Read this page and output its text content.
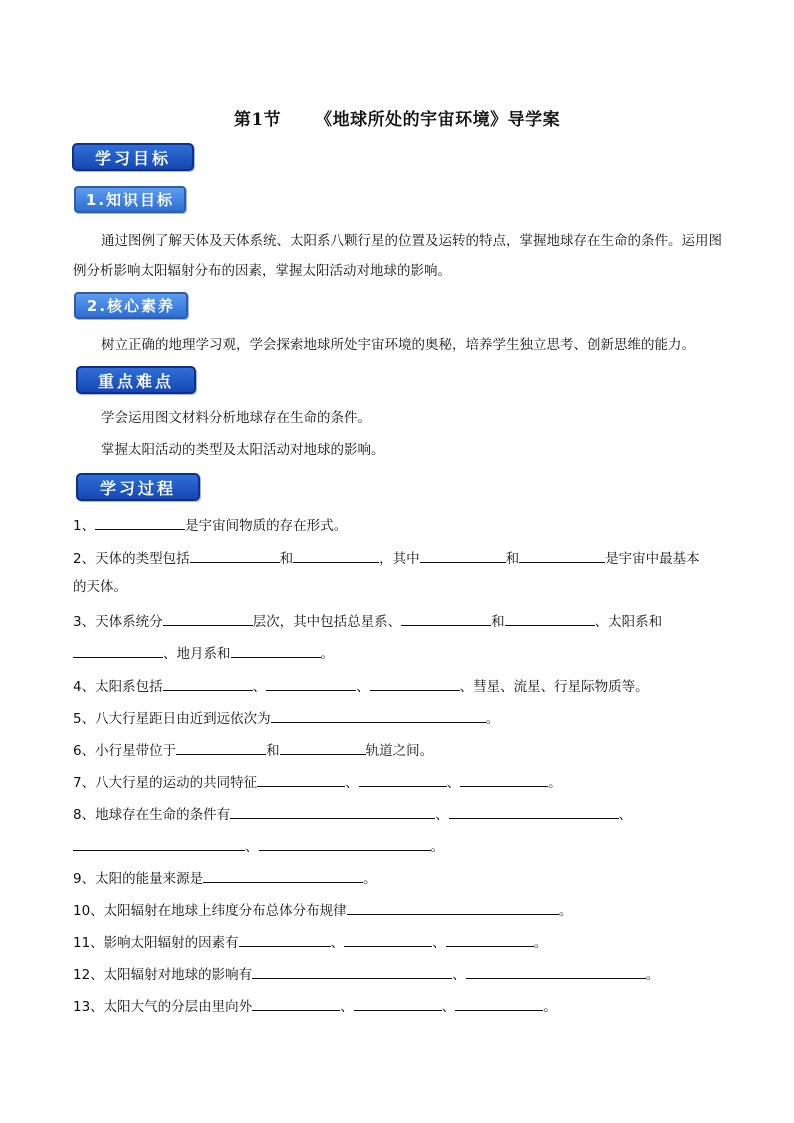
第1节 《地球所处的宇宙环境》导学案
学习目标
1.知识目标
通过图例了解天体及天体系统、太阳系八颗行星的位置及运转的特点，掌握地球存在生命的条件。运用图例分析影响太阳辐射分布的因素，掌握太阳活动对地球的影响。
2.核心素养
树立正确的地理学习观，学会探索地球所处宇宙环境的奥秘，培养学生独立思考、创新思维的能力。
重点难点
学会运用图文材料分析地球存在生命的条件。
掌握太阳活动的类型及太阳活动对地球的影响。
学习过程
1、	是宇宙间物质的存在形式。
2、天体的类型包括	和	，其中	和	是宇宙中最基本
的天体。
3、天体系统分	层次，其中包括总星系、	和	、太阳系和
、地月系和	。
4、太阳系包括	、	、	、彗星、流星、行星际物质等。
5、八大行星距日由近到远依次为	。
6、小行星带位于	和	轨道之间。
7、八大行星的运动的共同特征	、	、	。
8、地球存在生命的条件有	、	、
、	。
9、太阳的能量来源是	。
10、太阳辐射在地球上纬度分布总体分布规律	。
11、影响太阳辐射的因素有	、	、	。
12、太阳辐射对地球的影响有	、	。
13、太阳大气的分层由里向外	、	、	。
